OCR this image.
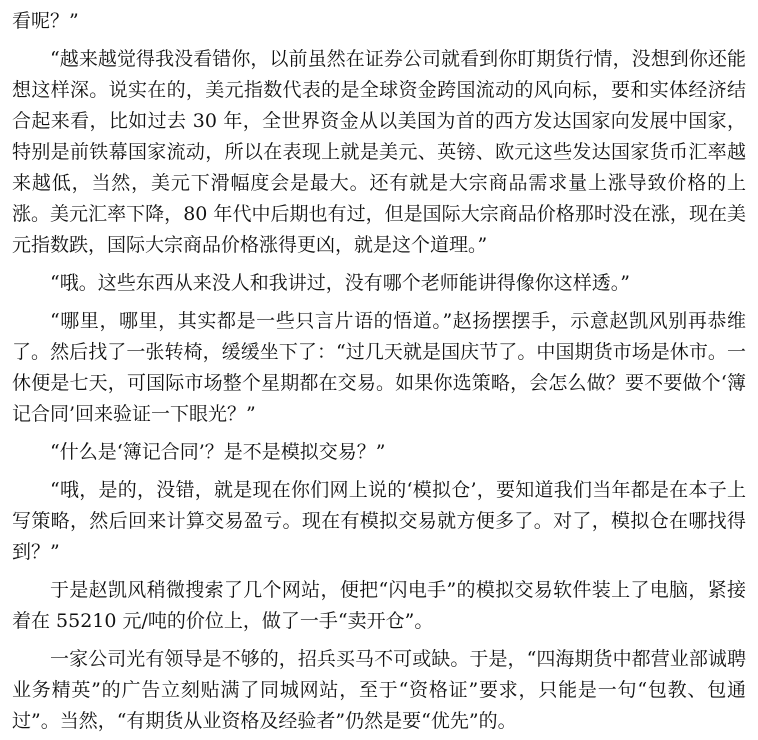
看呢？”

“越来越觉得我没看错你，以前虽然在证券公司就看到你盯期货行情，没想到你还能想这样深。说实在的，美元指数代表的是全球资金跨国流动的风向标，要和实体经济结合起来看，比如过去 30 年，全世界资金从以美国为首的西方发达国家向发展中国家，特别是前铁幕国家流动，所以在表现上就是美元、英镑、欧元这些发达国家货币汇率越来越低，当然，美元下滑幅度会是最大。还有就是大宗商品需求量上涨导致价格的上涨。美元汇率下降，80 年代中后期也有过，但是国际大宗商品价格那时没在涨，现在美元指数跌，国际大宗商品价格涨得更凶，就是这个道理。”

“哦。这些东西从来没人和我讲过，没有哪个老师能讲得像你这样透。”

“哪里，哪里，其实都是一些只言片语的悟道。”赵扬摆摆手，示意赵凯风别再恭维了。然后找了一张转椅，缓缓坐下了：“过几天就是国庆节了。中国期货市场是休市。一休便是七天，可国际市场整个星期都在交易。如果你选策略，会怎么做？要不要做个‘簿记合同’回来验证一下眼光？”

“什么是‘簿记合同’？是不是模拟交易？”

“哦，是的，没错，就是现在你们网上说的‘模拟仓’，要知道我们当年都是在本子上写策略，然后回来计算交易盈亏。现在有模拟交易就方便多了。对了，模拟仓在哪找得到？”

于是赵凯风稍微搜索了几个网站，便把“闪电手”的模拟交易软件装上了电脑，紧接着在 55210 元/吨的价位上，做了一手“卖开仓”。

一家公司光有领导是不够的，招兵买马不可或缺。于是，“四海期货中都营业部诚聘业务精英”的广告立刻贴满了同城网站，至于“资格证”要求，只能是一句“包教、包通过”。当然，“有期货从业资格及经验者”仍然是要“优先”的。
